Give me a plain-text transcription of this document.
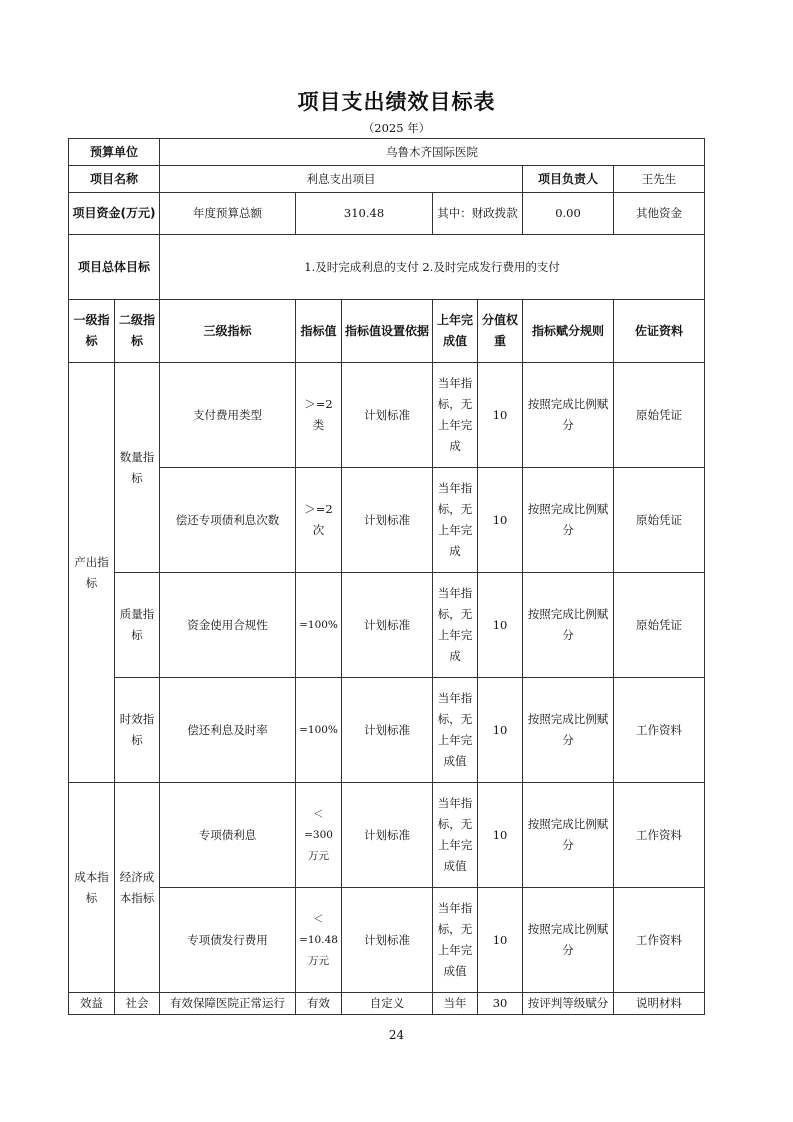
项目支出绩效目标表
（2025 年）
预算单位		乌鲁木齐国际医院							
项目名称		利息支出项目					项目负责人	王先生	
项目资金(万元)		年度预算总额	310.48		其中：财政拨款		0.00	其他资金	
项目总体目标		1.及时完成利息的支付 2.及时完成发行费用的支付							
一级指标	二级指标	三级指标	指标值	指标值设置依据	上年完成值	分值权重	指标赋分规则	佐证资料	
产出指标	数量指标	支付费用类型	＞=2类	计划标准	当年指标，无上年完成	10	按照完成比例赋分	原始凭证	
		偿还专项债利息次数	＞=2次	计划标准	当年指标，无上年完成	10	按照完成比例赋分	原始凭证	
	质量指标	资金使用合规性	=100%	计划标准	当年指标，无上年完成	10	按照完成比例赋分	原始凭证	
	时效指标	偿还利息及时率	=100%	计划标准	当年指标，无上年完成值	10	按照完成比例赋分	工作资料	
成本指标	经济成本指标	专项债利息	＜=300万元	计划标准	当年指标，无上年完成值	10	按照完成比例赋分	工作资料	
		专项债发行费用	＜=10.48万元	计划标准	当年指标，无上年完成值	10	按照完成比例赋分	工作资料	
效益	社会	有效保障医院正常运行	有效	自定义	当年	30	按评判等级赋分	说明材料	
24
